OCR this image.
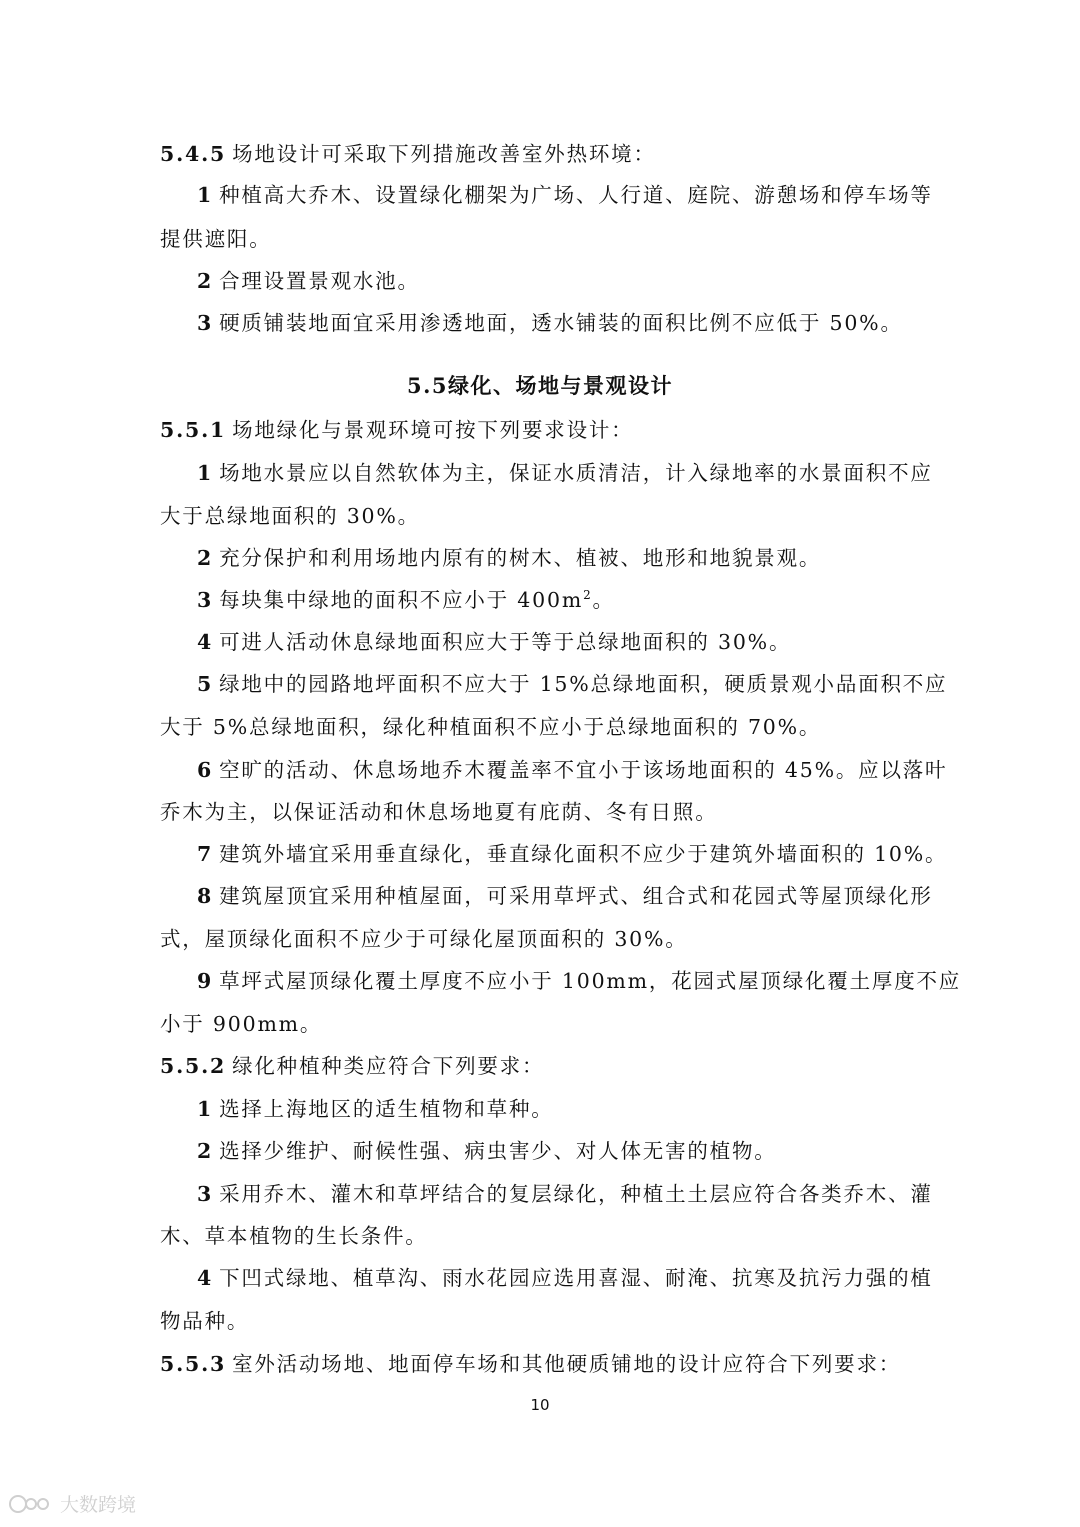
5.4.5 场地设计可采取下列措施改善室外热环境：
1 种植高大乔木、设置绿化棚架为广场、人行道、庭院、游憩场和停车场等
提供遮阳。
2 合理设置景观水池。
3 硬质铺装地面宜采用渗透地面，透水铺装的面积比例不应低于 50%。
5.5绿化、场地与景观设计
5.5.1 场地绿化与景观环境可按下列要求设计：
1 场地水景应以自然软体为主，保证水质清洁，计入绿地率的水景面积不应
大于总绿地面积的 30%。
2 充分保护和利用场地内原有的树木、植被、地形和地貌景观。
3 每块集中绿地的面积不应小于 $400m^2$。
4 可进人活动休息绿地面积应大于等于总绿地面积的 30%。
5 绿地中的园路地坪面积不应大于 15%总绿地面积，硬质景观小品面积不应
大于 5%总绿地面积，绿化种植面积不应小于总绿地面积的 70%。
6 空旷的活动、休息场地乔木覆盖率不宜小于该场地面积的 45%。应以落叶
乔木为主，以保证活动和休息场地夏有庇荫、冬有日照。
7 建筑外墙宜采用垂直绿化，垂直绿化面积不应少于建筑外墙面积的 10%。
8 建筑屋顶宜采用种植屋面，可采用草坪式、组合式和花园式等屋顶绿化形
式，屋顶绿化面积不应少于可绿化屋顶面积的 30%。
9 草坪式屋顶绿化覆土厚度不应小于 100mm，花园式屋顶绿化覆土厚度不应
小于 900mm。
5.5.2 绿化种植种类应符合下列要求：
1 选择上海地区的适生植物和草种。
2 选择少维护、耐候性强、病虫害少、对人体无害的植物。
3 采用乔木、灌木和草坪结合的复层绿化，种植土土层应符合各类乔木、灌
木、草本植物的生长条件。
4 下凹式绿地、植草沟、雨水花园应选用喜湿、耐淹、抗寒及抗污力强的植
物品种。
5.5.3 室外活动场地、地面停车场和其他硬质铺地的设计应符合下列要求：
10
大数跨境
